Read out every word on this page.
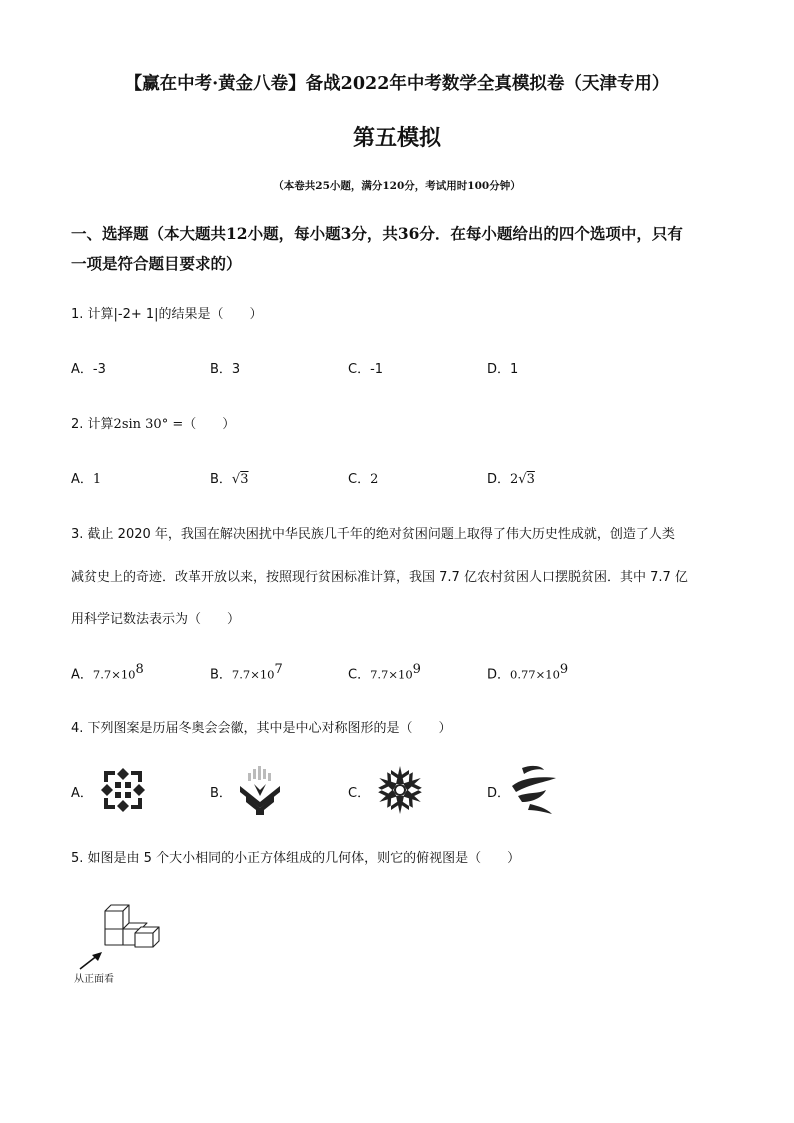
【赢在中考·黄金八卷】备战2022年中考数学全真模拟卷（天津专用）
第五模拟
（本卷共25小题，满分120分，考试用时100分钟）
一、选择题（本大题共12小题，每小题3分，共36分．在每小题给出的四个选项中，只有
一项是符合题目要求的）
1. 计算|-2+ 1|的结果是（　　）
A．-3	B．3	C．-1	D．1
2. 计算2sin 30° =（　　）
A．1	B．√3	C．2	D．2√3
3. 截止 2020 年，我国在解决困扰中华民族几千年的绝对贫困问题上取得了伟大历史性成就，创造了人类
减贫史上的奇迹．改革开放以来，按照现行贫困标准计算，我国 7.7 亿农村贫困人口摆脱贫困．其中 7.7 亿
用科学记数法表示为（　　）
A．$7.7\times 10^8$	B．$7.7\times 10^7$	C．$7.7\times 10^9$	D．$0.77\times 10^9$
4. 下列图案是历届冬奥会会徽，其中是中心对称图形的是（　　）
A．	B．	C．	D．
5. 如图是由 5 个大小相同的小正方体组成的几何体，则它的俯视图是（　　）
从正面看
